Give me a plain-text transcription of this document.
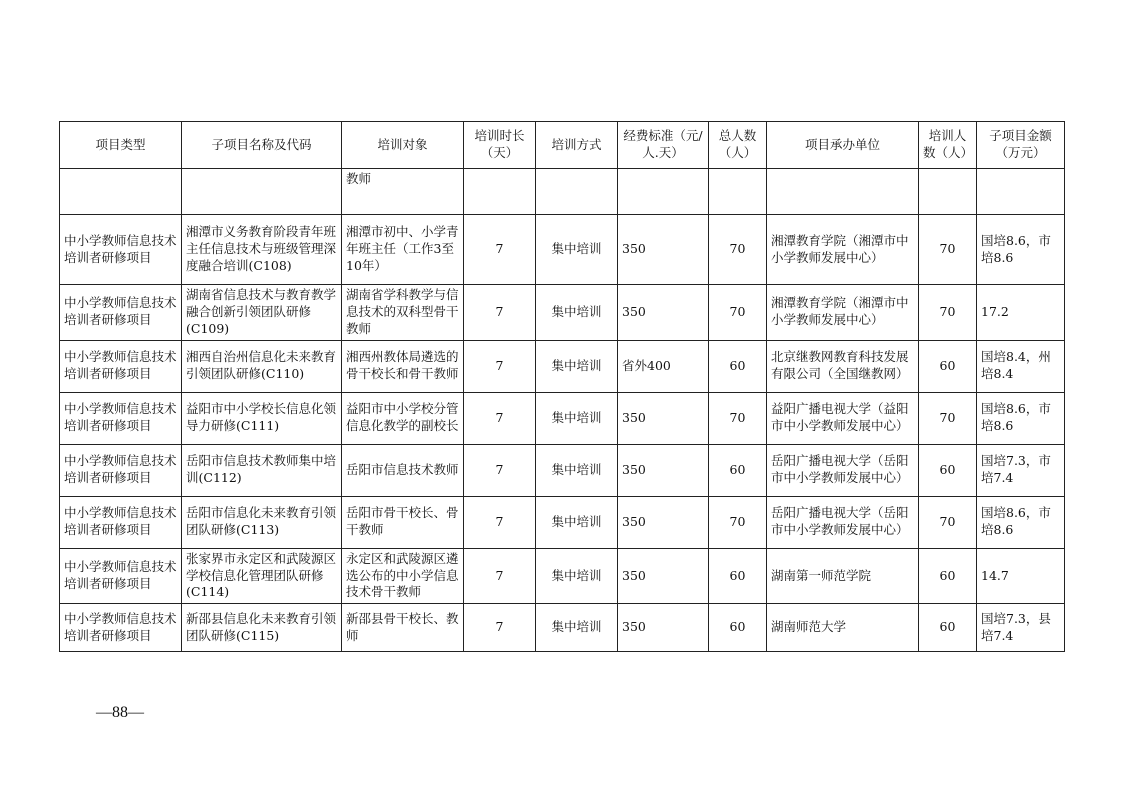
项目类型	子项目名称及代码	培训对象	培训时长（天）	培训方式	经费标准（元/人.天）	总人数（人）	项目承办单位	培训人数（人）	子项目金额（万元）
		教师							
中小学教师信息技术培训者研修项目	湘潭市义务教育阶段青年班主任信息技术与班级管理深度融合培训(C108)	湘潭市初中、小学青年班主任（工作3至10年）	7	集中培训	350	70	湘潭教育学院（湘潭市中小学教师发展中心）	70	国培8.6，市培8.6
中小学教师信息技术培训者研修项目	湖南省信息技术与教育教学融合创新引领团队研修(C109)	湖南省学科教学与信息技术的双科型骨干教师	7	集中培训	350	70	湘潭教育学院（湘潭市中小学教师发展中心）	70	17.2
中小学教师信息技术培训者研修项目	湘西自治州信息化未来教育引领团队研修(C110)	湘西州教体局遴选的骨干校长和骨干教师	7	集中培训	省外400	60	北京继教网教育科技发展有限公司（全国继教网）	60	国培8.4，州培8.4
中小学教师信息技术培训者研修项目	益阳市中小学校长信息化领导力研修(C111)	益阳市中小学校分管信息化教学的副校长	7	集中培训	350	70	益阳广播电视大学（益阳市中小学教师发展中心）	70	国培8.6，市培8.6
中小学教师信息技术培训者研修项目	岳阳市信息技术教师集中培训(C112)	岳阳市信息技术教师	7	集中培训	350	60	岳阳广播电视大学（岳阳市中小学教师发展中心）	60	国培7.3，市培7.4
中小学教师信息技术培训者研修项目	岳阳市信息化未来教育引领团队研修(C113)	岳阳市骨干校长、骨干教师	7	集中培训	350	70	岳阳广播电视大学（岳阳市中小学教师发展中心）	70	国培8.6，市培8.6
中小学教师信息技术培训者研修项目	张家界市永定区和武陵源区学校信息化管理团队研修(C114)	永定区和武陵源区遴选公布的中小学信息技术骨干教师	7	集中培训	350	60	湖南第一师范学院	60	14.7
中小学教师信息技术培训者研修项目	新邵县信息化未来教育引领团队研修(C115)	新邵县骨干校长、教师	7	集中培训	350	60	湖南师范大学	60	国培7.3，县培7.4
—88—
